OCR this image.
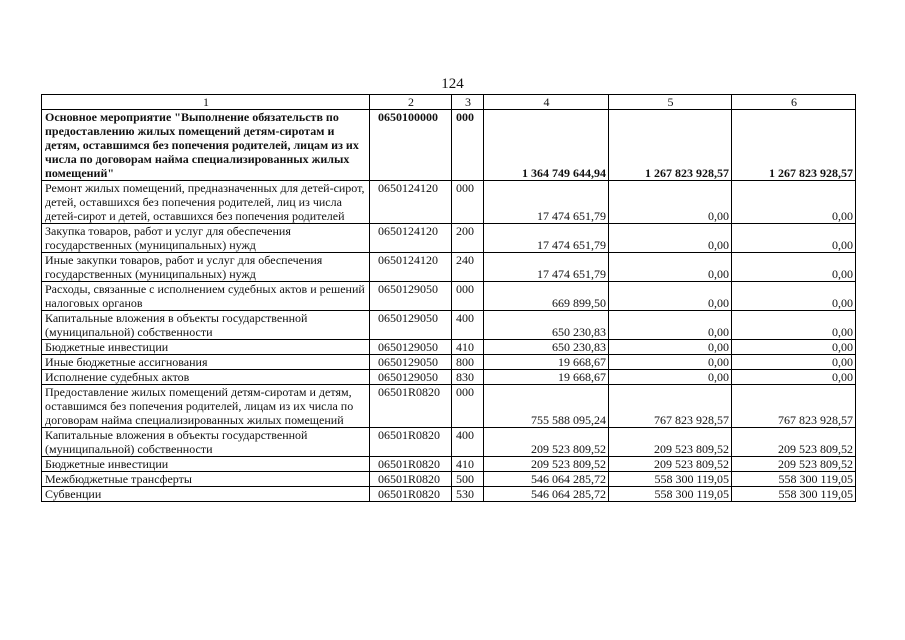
124
1	2	3	4	5	6
Основное мероприятие "Выполнение обязательств по предоставлению жилых помещений детям-сиротам и детям, оставшимся без попечения родителей, лицам из их числа по договорам найма специализированных жилых помещений"	0650100000	000	1 364 749 644,94	1 267 823 928,57	1 267 823 928,57
Ремонт жилых помещений, предназначенных для детей-сирот, детей, оставшихся без попечения родителей, лиц из числа детей-сирот и детей, оставшихся без попечения родителей	0650124120	000	17 474 651,79	0,00	0,00
Закупка товаров, работ и услуг для обеспечения государственных (муниципальных) нужд	0650124120	200	17 474 651,79	0,00	0,00
Иные закупки товаров, работ и услуг для обеспечения государственных (муниципальных) нужд	0650124120	240	17 474 651,79	0,00	0,00
Расходы, связанные с исполнением судебных актов и решений налоговых органов	0650129050	000	669 899,50	0,00	0,00
Капитальные вложения в объекты государственной (муниципальной) собственности	0650129050	400	650 230,83	0,00	0,00
Бюджетные инвестиции	0650129050	410	650 230,83	0,00	0,00
Иные бюджетные ассигнования	0650129050	800	19 668,67	0,00	0,00
Исполнение судебных актов	0650129050	830	19 668,67	0,00	0,00
Предоставление жилых помещений детям-сиротам и детям, оставшимся без попечения родителей, лицам из их числа по договорам найма специализированных жилых помещений	06501R0820	000	755 588 095,24	767 823 928,57	767 823 928,57
Капитальные вложения в объекты государственной (муниципальной) собственности	06501R0820	400	209 523 809,52	209 523 809,52	209 523 809,52
Бюджетные инвестиции	06501R0820	410	209 523 809,52	209 523 809,52	209 523 809,52
Межбюджетные трансферты	06501R0820	500	546 064 285,72	558 300 119,05	558 300 119,05
Субвенции	06501R0820	530	546 064 285,72	558 300 119,05	558 300 119,05
